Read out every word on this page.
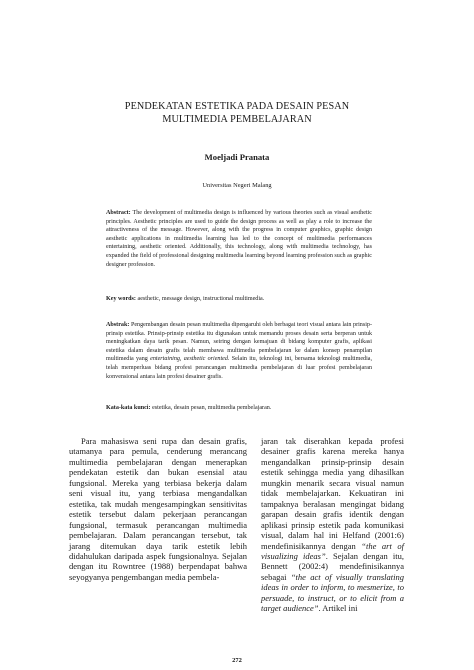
PENDEKATAN ESTETIKA PADA DESAIN PESAN
MULTIMEDIA PEMBELAJARAN
Moeljadi Pranata
Universitas Negeri Malang
Abstract: The development of multimedia design is influenced by various theories such as visual aesthetic principles. Aesthetic principles are used to guide the design process as well as play a role to increase the attractiveness of the message. However, along with the progress in computer graphics, graphic design aesthetic applications in multimedia learning has led to the concept of multimedia performances entertaining, aesthetic oriented. Additionally, this technology, along with multimedia technology, has expanded the field of professional designing multimedia learning beyond learning profession such as graphic designer profession.
Key words: aesthetic, message design, instructional multimedia.
Abstrak: Pengembangan desain pesan multimedia dipengaruhi oleh berbagai teori visual antara lain prinsip-prinsip estetika. Prinsip-prinsip estetika itu digunakan untuk memandu proses desain serta berperan untuk meningkatkan daya tarik pesan. Namun, seiring dengan kemajuan di bidang komputer grafis, aplikasi estetika dalam desain grafis telah membawa multimedia pembelajaran ke dalam konsep penampilan multimedia yang entertaining, aesthetic oriented. Selain itu, teknologi ini, bersama teknologi multimedia, telah memperluas bidang profesi perancangan multimedia pembelajaran di luar profesi pembelajaran konvensional antara lain profesi desainer grafis.
Kata-kata kunci: estetika, desain pesan, multimedia pembelajaran.

Para mahasiswa seni rupa dan desain grafis, utamanya para pemula, cenderung merancang multimedia pembelajaran dengan menerapkan pendekatan estetik dan bukan esensial atau fungsional. Mereka yang terbiasa bekerja dalam seni visual itu, yang terbiasa mengandalkan estetika, tak mudah mengesampingkan sensitivitas estetik tersebut dalam pekerjaan perancangan fungsional, termasuk perancangan multimedia pembelajaran. Dalam perancangan tersebut, tak jarang ditemukan daya tarik estetik lebih didahulukan daripada aspek fungsionalnya. Sejalan dengan itu Rowntree (1988) berpendapat bahwa seyogyanya pengembangan media pembela-

jaran tak diserahkan kepada profesi desainer grafis karena mereka hanya mengandalkan prinsip-prinsip desain estetik sehingga media yang dihasilkan mungkin menarik secara visual namun tidak membelajarkan. Kekuatiran ini tampaknya beralasan mengingat bidang garapan desain grafis identik dengan aplikasi prinsip estetik pada komunikasi visual, dalam hal ini Helfand (2001:6) mendefinisikannya dengan “the art of visualizing ideas”. Sejalan dengan itu, Bennett (2002:4) mendefinisikannya sebagai “the act of visually translating ideas in order to inform, to mesmerize, to persuade, to instruct, or to elicit from a target audience”. Artikel ini

272
